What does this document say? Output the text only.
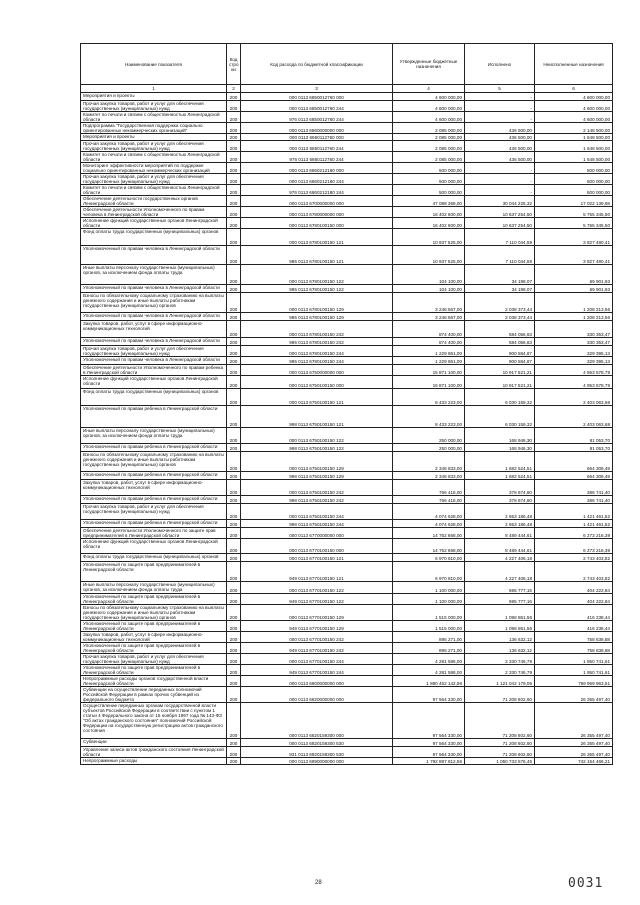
Наименование показателя	Код стро ки	Код расхода по бюджетной классификации	Утвержденные бюджетные назначения	Исполнено	Неисполненные назначения
1	2	3	4	5	6
Мероприятия и проекты	200	000 0113 6850012760 000	4 600 000,00	-	4 600 000,00
Прочая закупка товаров, работ и услуг для обеспечения государственных (муниципальных) нужд	200	000 0113 6850012760 244	4 600 000,00	-	4 600 000,00
Комитет по печати и связям с общественностью Ленинградской области	200	976 0113 6850012760 244	4 600 000,00	-	4 600 000,00
Подпрограмма "Государственная поддержка социально ориентированных некоммерческих организаций"	200	000 0113 6860000000 000	2 085 000,00	436 500,00	2 148 500,00
Мероприятия и проекты	200	000 0113 6860112760 000	2 085 000,00	436 500,00	1 648 500,00
Прочая закупка товаров, работ и услуг для обеспечения государственных (муниципальных) нужд	200	000 0113 6860112760 244	2 085 000,00	436 500,00	1 648 500,00
Комитет по печати и связям с общественностью Ленинградской области	200	976 0113 6860112760 244	2 085 000,00	436 500,00	1 648 500,00
Мониторинг эффективности мероприятий по поддержке социально ориентированных некоммерческих организаций	200	000 0113 6860212180 000	500 000,00	-	500 000,00
Прочая закупка товаров, работ и услуг для обеспечения государственных (муниципальных) нужд	200	000 0113 6860212180 244	500 000,00	-	500 000,00
Комитет по печати и связям с общественностью Ленинградской области	200	976 0113 6860212180 244	500 000,00	-	500 000,00
Обеспечение деятельности государственных органов Ленинградской области	200	000 0113 6700000000 000	47 088 368,00	30 044 225,32	17 022 139,68
Обеспечение деятельности Уполномоченного по правам человека в Ленинградской области	200	000 0113 6780000000 000	16 402 600,00	10 637 254,50	5 765 345,50
Исполнение функций государственных органов Ленинградской области	200	000 0113 6780100150 000	16 402 600,00	10 637 254,50	5 765 345,50
Фонд оплаты труда государственных (муниципальных) органов	200	000 0113 6780100150 121	10 937 525,00	7 110 044,59	3 827 480,41
Уполномоченный по правам человека в Ленинградской области	200	995 0113 6780100150 121	10 937 525,00	7 110 044,59	3 827 480,41
Иные выплаты персоналу государственных (муниципальных) органов, за исключением фонда оплаты труда	200	000 0113 6780100150 122	104 100,00	34 198,07	69 901,93
Уполномоченный по правам человека в Ленинградской области	200	995 0113 6780100150 122	104 100,00	34 198,07	69 901,93
Взносы по обязательному социальному страхованию на выплаты денежного содержания и иные выплаты работникам государственных (муниципальных) органов	200	000 0113 6780100150 129	3 246 567,00	2 038 373,44	1 208 213,56
Уполномоченный по правам человека в Ленинградской области	200	995 0113 6780100150 129	3 246 567,00	2 038 373,44	1 208 213,56
Закупка товаров, работ, услуг в сфере информационно-коммуникационных технологий	200	000 0113 6780100150 242	874 400,00	584 056,63	330 353,47
Уполномоченный по правам человека в Ленинградской области	200	995 0113 6780100150 242	874 400,00	584 056,63	330 353,47
Прочая закупка товаров, работ и услуг для обеспечения государственных (муниципальных) нужд	200	000 0113 6780100150 244	1 229 861,00	900 584,87	329 395,13
Уполномоченный по правам человека в Ленинградской области	200	995 0113 6780100150 244	1 229 861,00	900 584,87	329 395,13
Обеспечение деятельности Уполномоченного по правам ребенка в Ленинградской области	200	000 0113 6750000000 000	15 871 100,00	10 917 521,21	4 953 578,79
Исполнение функций государственных органов Ленинградской области	200	000 0113 6750100150 000	15 871 100,00	10 917 521,21	4 953 578,79
Фонд оплаты труда государственных (муниципальных) органов	200	000 0113 6750100150 121	8 433 223,00	6 030 159,32	2 403 063,68
Уполномоченный по правам ребенка в Ленинградской области	200	998 0113 6750100150 121	8 433 223,00	6 030 159,32	2 403 063,68
Иные выплаты персоналу государственных (муниципальных) органов, за исключением фонда оплаты труда	200	000 0113 6750100150 122	250 000,00	168 946,30	81 053,70
Уполномоченный по правам ребенка в Ленинградской области	200	998 0113 6750100150 122	250 000,00	168 946,30	81 053,70
Взносы по обязательному социальному страхованию на выплаты денежного содержания и иные выплаты работникам государственных (муниципальных) органов	200	000 0113 6750100150 129	2 346 833,00	1 682 524,51	664 308,49
Уполномоченный по правам ребенка в Ленинградской области	200	998 0113 6750100150 129	2 346 833,00	1 682 524,51	664 308,49
Закупка товаров, работ, услуг в сфере информационно-коммуникационных технологий	200	000 0113 6750100150 242	766 416,00	378 674,60	386 741,40
Уполномоченный по правам ребенка в Ленинградской области	200	998 0113 6750100150 242	766 416,00	378 674,60	386 741,40
Прочая закупка товаров, работ и услуг для обеспечения государственных (муниципальных) нужд	200	000 0113 6750100150 244	4 074 628,00	2 653 186,48	1 421 461,52
Уполномоченный по правам ребенка в Ленинградской области	200	998 0113 6750100150 244	4 074 628,00	2 653 186,48	1 421 461,52
Обеспечение деятельности Уполномоченного по защите прав предпринимателей в Ленинградской области	200	000 0113 6770000000 000	14 762 668,00	8 489 444,61	6 273 216,39
Исполнение функций государственных органов Ленинградской области	200	000 0113 6770100150 000	14 762 668,00	8 489 444,61	6 273 216,39
Фонд оплаты труда государственных (муниципальных) органов	200	000 0113 6770100150 121	6 970 810,00	4 227 406,18	2 743 403,82
Уполномоченный по защите прав предпринимателей в Ленинградской области	200	949 0113 6770100150 121	6 970 810,00	4 227 406,18	2 743 403,82
Иные выплаты персоналу государственных (муниципальных) органов, за исключением фонда оплаты труда	200	000 0113 6770100150 122	1 100 000,00	695 777,16	404 222,84
Уполномоченный по защите прав предпринимателей в Ленинградской области	200	949 0113 6770100150 122	1 100 000,00	695 777,16	404 222,84
Взносы по обязательному социальному страхованию на выплаты денежного содержания и иные выплаты работникам государственных (муниципальных) органов	200	000 0113 6770100150 129	1 515 000,00	1 098 861,56	416 238,44
Уполномоченный по защите прав предпринимателей в Ленинградской области	200	949 0113 6770100150 129	1 515 000,00	1 098 861,56	416 238,44
Закупка товаров, работ, услуг в сфере информационно-коммуникационных технологий	200	000 0113 6770100150 242	895 271,00	136 632,12	758 638,88
Уполномоченный по защите прав предпринимателей в Ленинградской области	200	949 0113 6770100150 242	895 271,00	136 632,12	758 638,88
Прочая закупка товаров, работ и услуг для обеспечения государственных (муниципальных) нужд	200	000 0113 6770100150 244	4 281 586,00	2 330 746,79	1 950 741,61
Уполномоченный по защите прав предпринимателей в Ленинградской области	200	949 0113 6770100150 244	4 281 586,00	2 330 746,79	1 950 741,61
Непрограммные расходы органов государственной власти Ленинградской области	200	000 0113 6800000000 000	1 890 452 142,56	1 121 042 179,05	769 959 963,51
Субвенции на осуществление переданных полномочий Российской Федерации в рамках прочих субвенций из федерального бюджета	200	000 0113 6820000000 000	97 564 330,00	71 208 602,60	26 355 497,40
Осуществление переданных органам государственной власти субъектов Российской Федерации в соответствии с пунктом 1 статьи 4 Федерального закона от 15 ноября 1997 года № 143-ФЗ "Об актах гражданского состояния" полномочий Российской Федерации на государственную регистрацию актов гражданского состояния	200	000 0113 6820159300 000	97 564 330,00	71 208 602,60	26 355 497,40
Субвенции	200	000 0113 6820159300 530	97 564 330,00	71 208 602,60	26 355 497,40
Управление записи актов гражданского состояния Ленинградской области	200	931 0113 6820159300 530	97 564 330,00	71 208 602,60	26 355 497,40
Непрограммные расходы	200	000 0113 6890000000 000	1 792 887 812,56	1 050 733 576,45	742 154 466,21
28	0031
